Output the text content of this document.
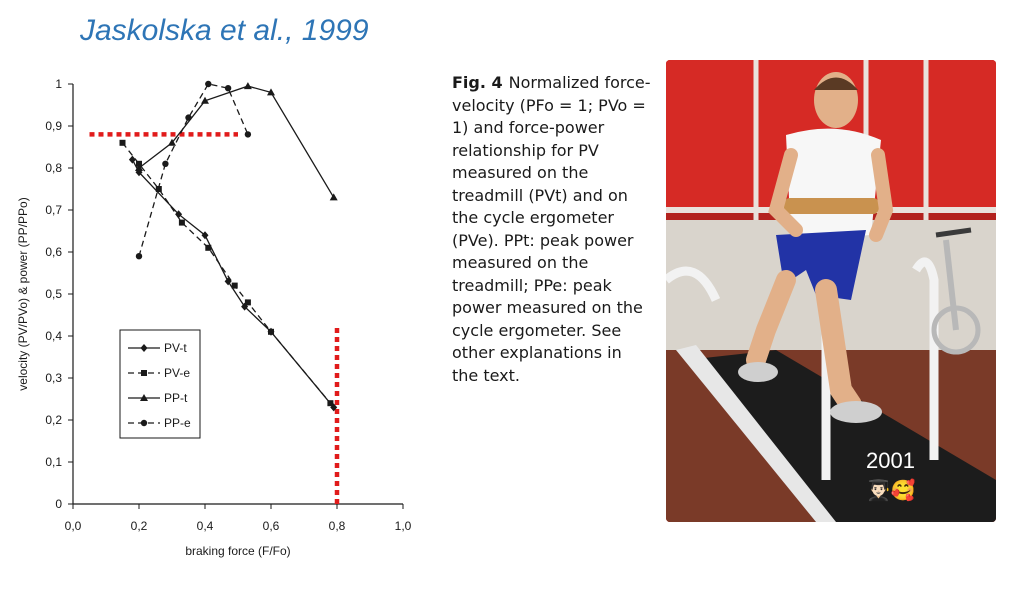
Jaskolska et al., 1999
0,0	0,2	0,4	0,6	0,8	1,0
0
0,1
0,2
0,3
0,4
0,5
0,6
0,7
0,8
0,9
1
braking force (F/Fo)
velocity (PV/PVo) & power (PP/PPo)	PV-t
PV-e
PP-t
PP-e
Fig. 4 Normalized force-velocity (PFo = 1; PVo = 1) and force-power relationship for PV measured on the treadmill (PVt) and on the cycle ergometer (PVe). PPt: peak power measured on the treadmill; PPe: peak power measured on the cycle ergometer. See other explanations in the text.
2001
👨🏻‍🎓🥰
